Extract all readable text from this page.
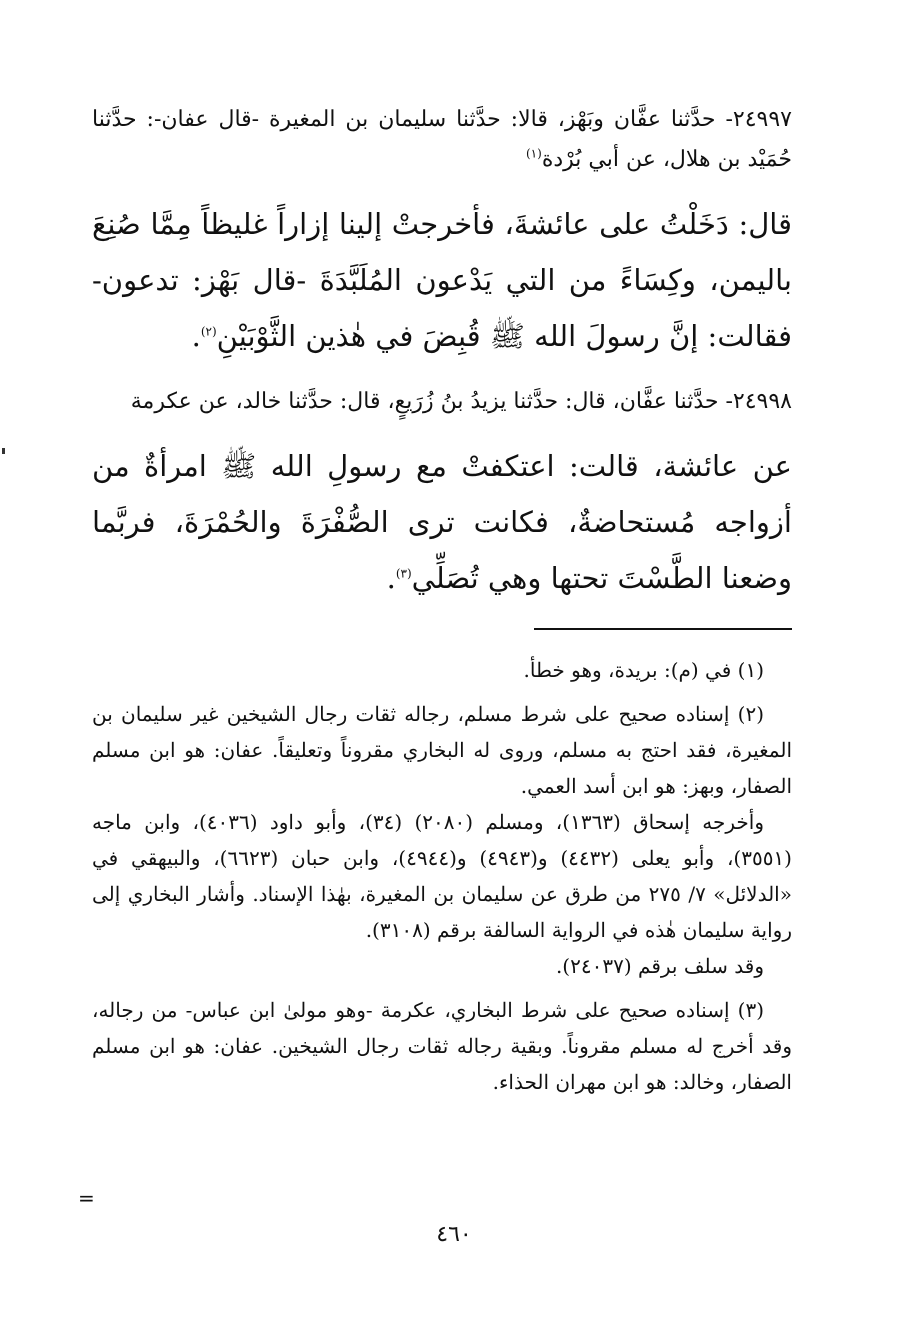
٢٤٩٩٧- حدَّثنا عفَّان وبَهْز، قالا: حدَّثنا سليمان بن المغيرة -قال عفان-: حدَّثنا حُمَيْد بن هلال، عن أبي بُرْدة$^{(١)}$

قال: دَخَلْتُ على عائشةَ، فأخرجتْ إلينا إزاراً غليظاً مِمَّا صُنِعَ باليمن، وكِسَاءً من التي يَدْعون المُلَبَّدَةَ -قال بَهْز: تدعون- فقالت: إنَّ رسولَ الله ﷺ قُبِضَ في هٰذين الثَّوْبَيْنِ$^{(٢)}$.

٢٤٩٩٨- حدَّثنا عفَّان، قال: حدَّثنا يزيدُ بنُ زُرَيعٍ، قال: حدَّثنا خالد، عن عكرمة

عن عائشة، قالت: اعتكفتْ مع رسولِ الله ﷺ امرأةٌ من أزواجه مُستحاضةٌ، فكانت ترى الصُّفْرَةَ والحُمْرَةَ، فربَّما وضعنا الطَّسْتَ تحتها وهي تُصَلِّي$^{(٣)}$.

(١) في (م): بريدة، وهو خطأ.

(٢) إسناده صحيح على شرط مسلم، رجاله ثقات رجال الشيخين غير سليمان بن المغيرة، فقد احتج به مسلم، وروى له البخاري مقروناً وتعليقاً. عفان: هو ابن مسلم الصفار، وبهز: هو ابن أسد العمي.

وأخرجه إسحاق (١٣٦٣)، ومسلم (٢٠٨٠) (٣٤)، وأبو داود (٤٠٣٦)، وابن ماجه (٣٥٥١)، وأبو يعلى (٤٤٣٢) و(٤٩٤٣) و(٤٩٤٤)، وابن حبان (٦٦٢٣)، والبيهقي في «الدلائل» ٧/ ٢٧٥ من طرق عن سليمان بن المغيرة، بهٰذا الإسناد. وأشار البخاري إلى رواية سليمان هٰذه في الرواية السالفة برقم (٣١٠٨).

وقد سلف برقم (٢٤٠٣٧).

(٣) إسناده صحيح على شرط البخاري، عكرمة -وهو مولىٰ ابن عباس- من رجاله، وقد أخرج له مسلم مقروناً. وبقية رجاله ثقات رجال الشيخين. عفان: هو ابن مسلم الصفار، وخالد: هو ابن مهران الحذاء.

=
٤٦٠
